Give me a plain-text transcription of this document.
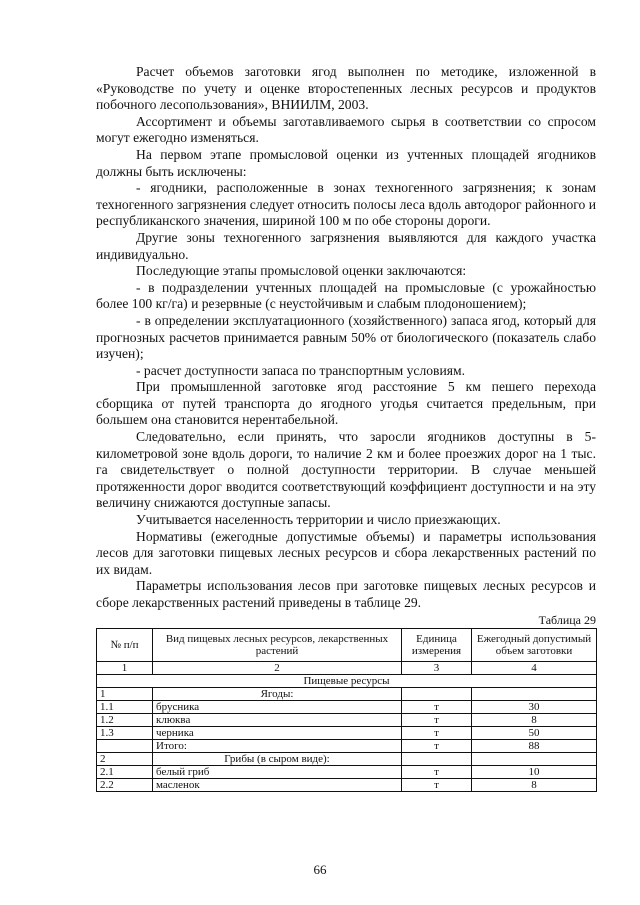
Расчет объемов заготовки ягод выполнен по методике, изложенной в «Руководстве по учету и оценке второстепенных лесных ресурсов и продуктов побочного лесопользования», ВНИИЛМ, 2003.

Ассортимент и объемы заготавливаемого сырья в соответствии со спросом могут ежегодно изменяться.

На первом этапе промысловой оценки из учтенных площадей ягодников должны быть исключены:

- ягодники, расположенные в зонах техногенного загрязнения; к зонам техногенного загрязнения следует относить полосы леса вдоль автодорог районного и республиканского значения, шириной 100 м по обе стороны дороги.

Другие зоны техногенного загрязнения выявляются для каждого участка индивидуально.

Последующие этапы промысловой оценки заключаются:

- в подразделении учтенных площадей на промысловые (с урожайностью более 100 кг/га) и резервные (с неустойчивым и слабым плодоношением);

- в определении эксплуатационного (хозяйственного) запаса ягод, который для прогнозных расчетов принимается равным 50% от биологического (показатель слабо изучен);

- расчет доступности запаса по транспортным условиям.

При промышленной заготовке ягод расстояние 5 км пешего перехода сборщика от путей транспорта до ягодного угодья считается предельным, при большем она становится нерентабельной.

Следовательно, если принять, что заросли ягодников доступны в 5-километровой зоне вдоль дороги, то наличие 2 км и более проезжих дорог на 1 тыс. га свидетельствует о полной доступности территории. В случае меньшей протяженности дорог вводится соответствующий коэффициент доступности и на эту величину снижаются доступные запасы.

Учитывается населенность территории и число приезжающих.

Нормативы (ежегодные допустимые объемы) и параметры использования лесов для заготовки пищевых лесных ресурсов и сбора лекарственных растений по их видам.

Параметры использования лесов при заготовке пищевых лесных ресурсов и сборе лекарственных растений приведены в таблице 29.

Таблица 29
№ п/п	Вид пищевых лесных ресурсов, лекарственных растений	Единица измерения	Ежегодный допустимый объем заготовки
1	2	3	4
Пищевые ресурсы			
1	Ягоды:		
1.1	брусника	т	30
1.2	клюква	т	8
1.3	черника	т	50
	Итого:	т	88
2	Грибы (в сыром виде):		
2.1	белый гриб	т	10
2.2	масленок	т	8
66
